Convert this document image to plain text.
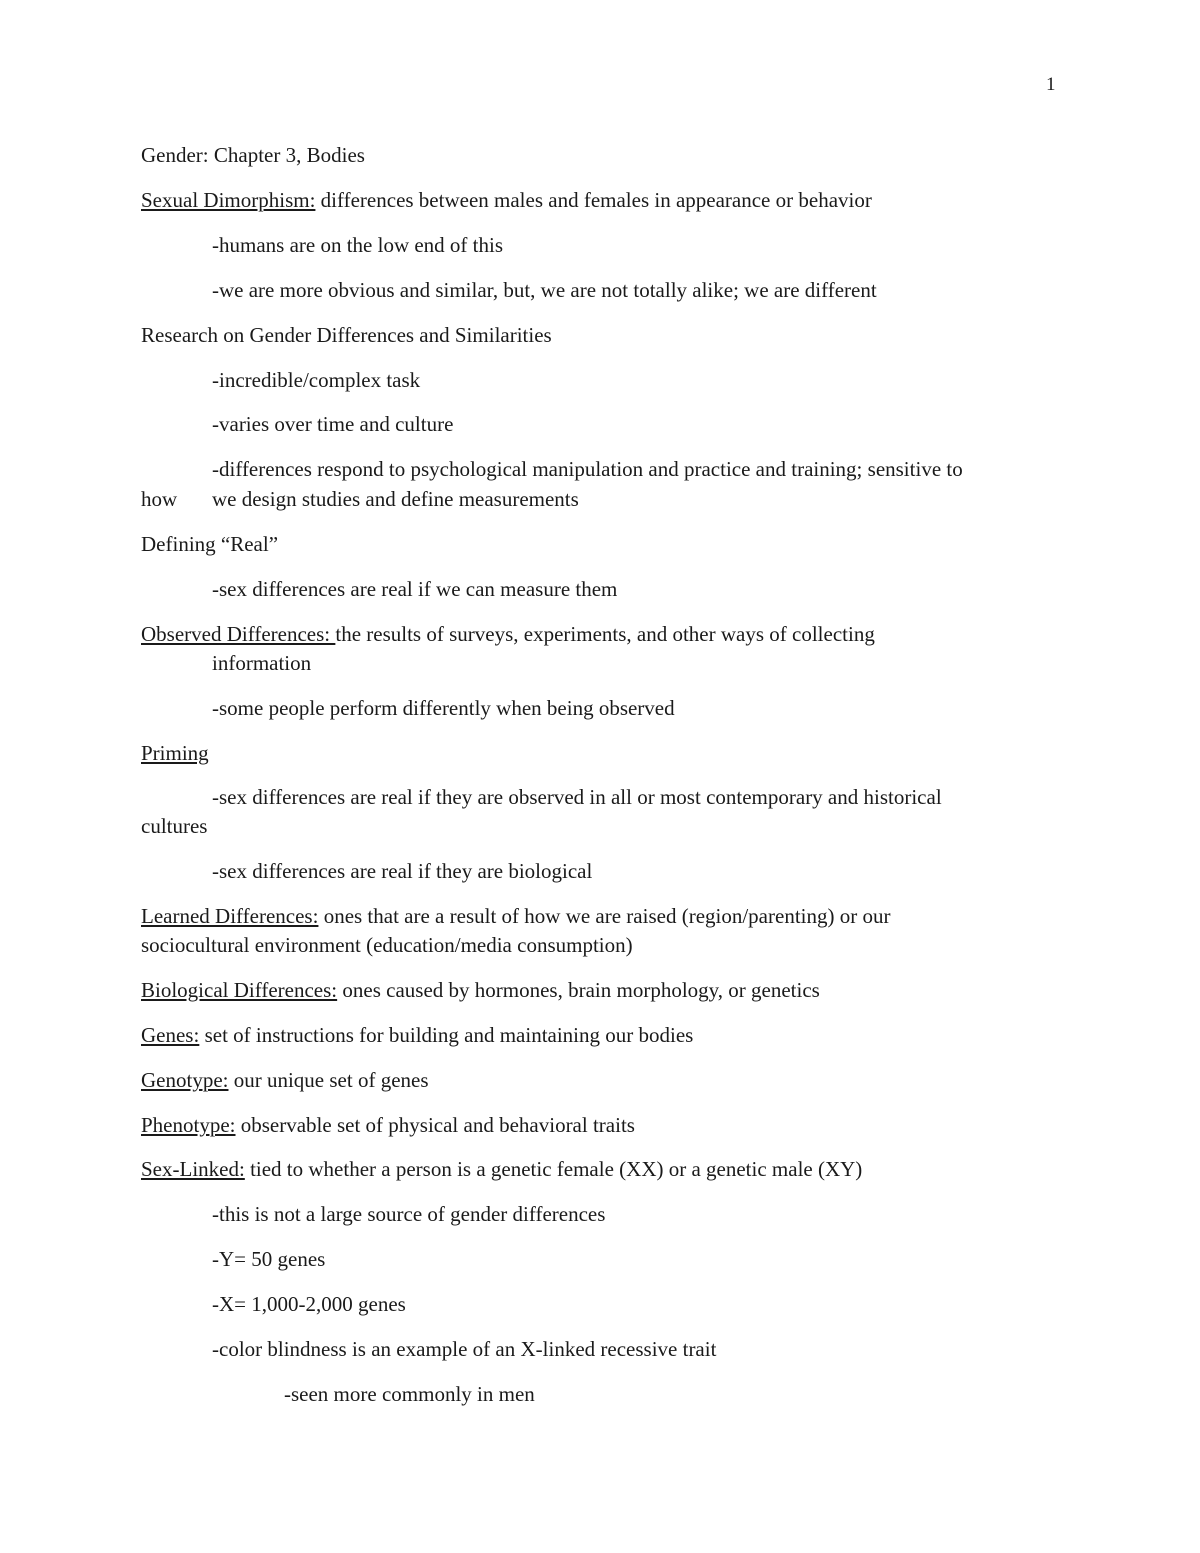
1
Gender: Chapter 3, Bodies
Sexual Dimorphism: differences between males and females in appearance or behavior
-humans are on the low end of this
-we are more obvious and similar, but, we are not totally alike; we are different
Research on Gender Differences and Similarities
-incredible/complex task
-varies over time and culture
-differences respond to psychological manipulation and practice and training; sensitive to
how	we design studies and define measurements
Defining “Real”
-sex differences are real if we can measure them
Observed Differences: the results of surveys, experiments, and other ways of collecting
information
-some people perform differently when being observed
Priming
-sex differences are real if they are observed in all or most contemporary and historical
cultures
-sex differences are real if they are biological
Learned Differences: ones that are a result of how we are raised (region/parenting) or our
sociocultural environment (education/media consumption)
Biological Differences: ones caused by hormones, brain morphology, or genetics
Genes: set of instructions for building and maintaining our bodies
Genotype: our unique set of genes
Phenotype: observable set of physical and behavioral traits
Sex-Linked: tied to whether a person is a genetic female (XX) or a genetic male (XY)
-this is not a large source of gender differences
-Y= 50 genes
-X= 1,000-2,000 genes
-color blindness is an example of an X-linked recessive trait
-seen more commonly in men
